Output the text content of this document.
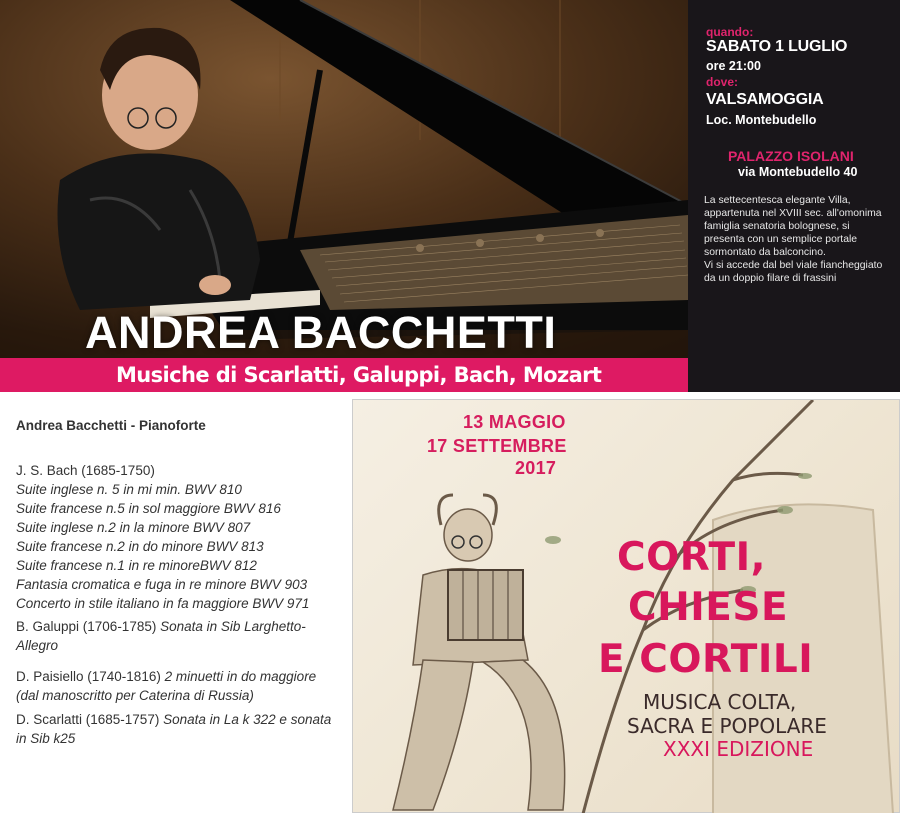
ANDREA BACCHETTI
Musiche di Scarlatti, Galuppi, Bach, Mozart
quando:
SABATO 1 LUGLIO
ore 21:00
dove:
VALSAMOGGIA
Loc. Montebudello
PALAZZO ISOLANI
via Montebudello 40
La settecentesca elegante Villa,
appartenuta nel XVIII sec. all'omonima
famiglia senatoria bolognese, si
presenta con un semplice portale
sormontato da balconcino.
Vi si accede dal bel viale fiancheggiato
da un doppio filare di frassini
Andrea Bacchetti - Pianoforte
J. S. Bach (1685-1750)
Suite inglese n. 5 in mi min. BWV 810
Suite francese n.5 in sol maggiore BWV 816
Suite inglese n.2 in la minore BWV 807
Suite francese n.2 in do minore BWV 813
Suite francese n.1 in re minoreBWV 812
Fantasia cromatica e fuga in re minore BWV 903
Concerto in stile italiano in fa maggiore BWV 971
B. Galuppi (1706-1785) Sonata in Sib Larghetto-
Allegro
D. Paisiello (1740-1816) 2 minuetti in do maggiore
(dal manoscritto per Caterina di Russia)
D. Scarlatti (1685-1757) Sonata in La k 322 e sonata
in Sib k25
13 MAGGIO
17 SETTEMBRE
2017
CORTI,
CHIESE
E CORTILI
MUSICA COLTA,
SACRA E POPOLARE
XXXI EDIZIONE
